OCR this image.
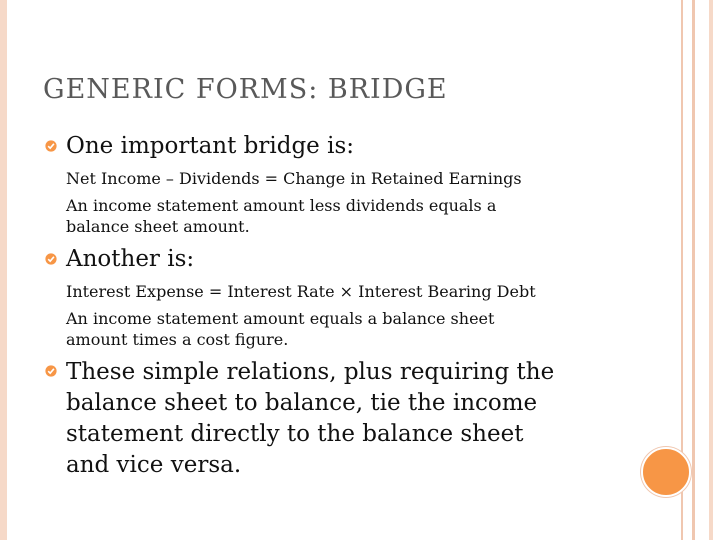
GENERIC FORMS: BRIDGE
One important bridge is:
Net Income – Dividends = Change in Retained Earnings
An income statement amount less dividends equals a
balance sheet amount.
Another is:
Interest Expense = Interest Rate × Interest Bearing Debt
An income statement amount equals a balance sheet
amount times a cost figure.
These simple relations, plus requiring the
balance sheet to balance, tie the income
statement directly to the balance sheet
and vice versa.
